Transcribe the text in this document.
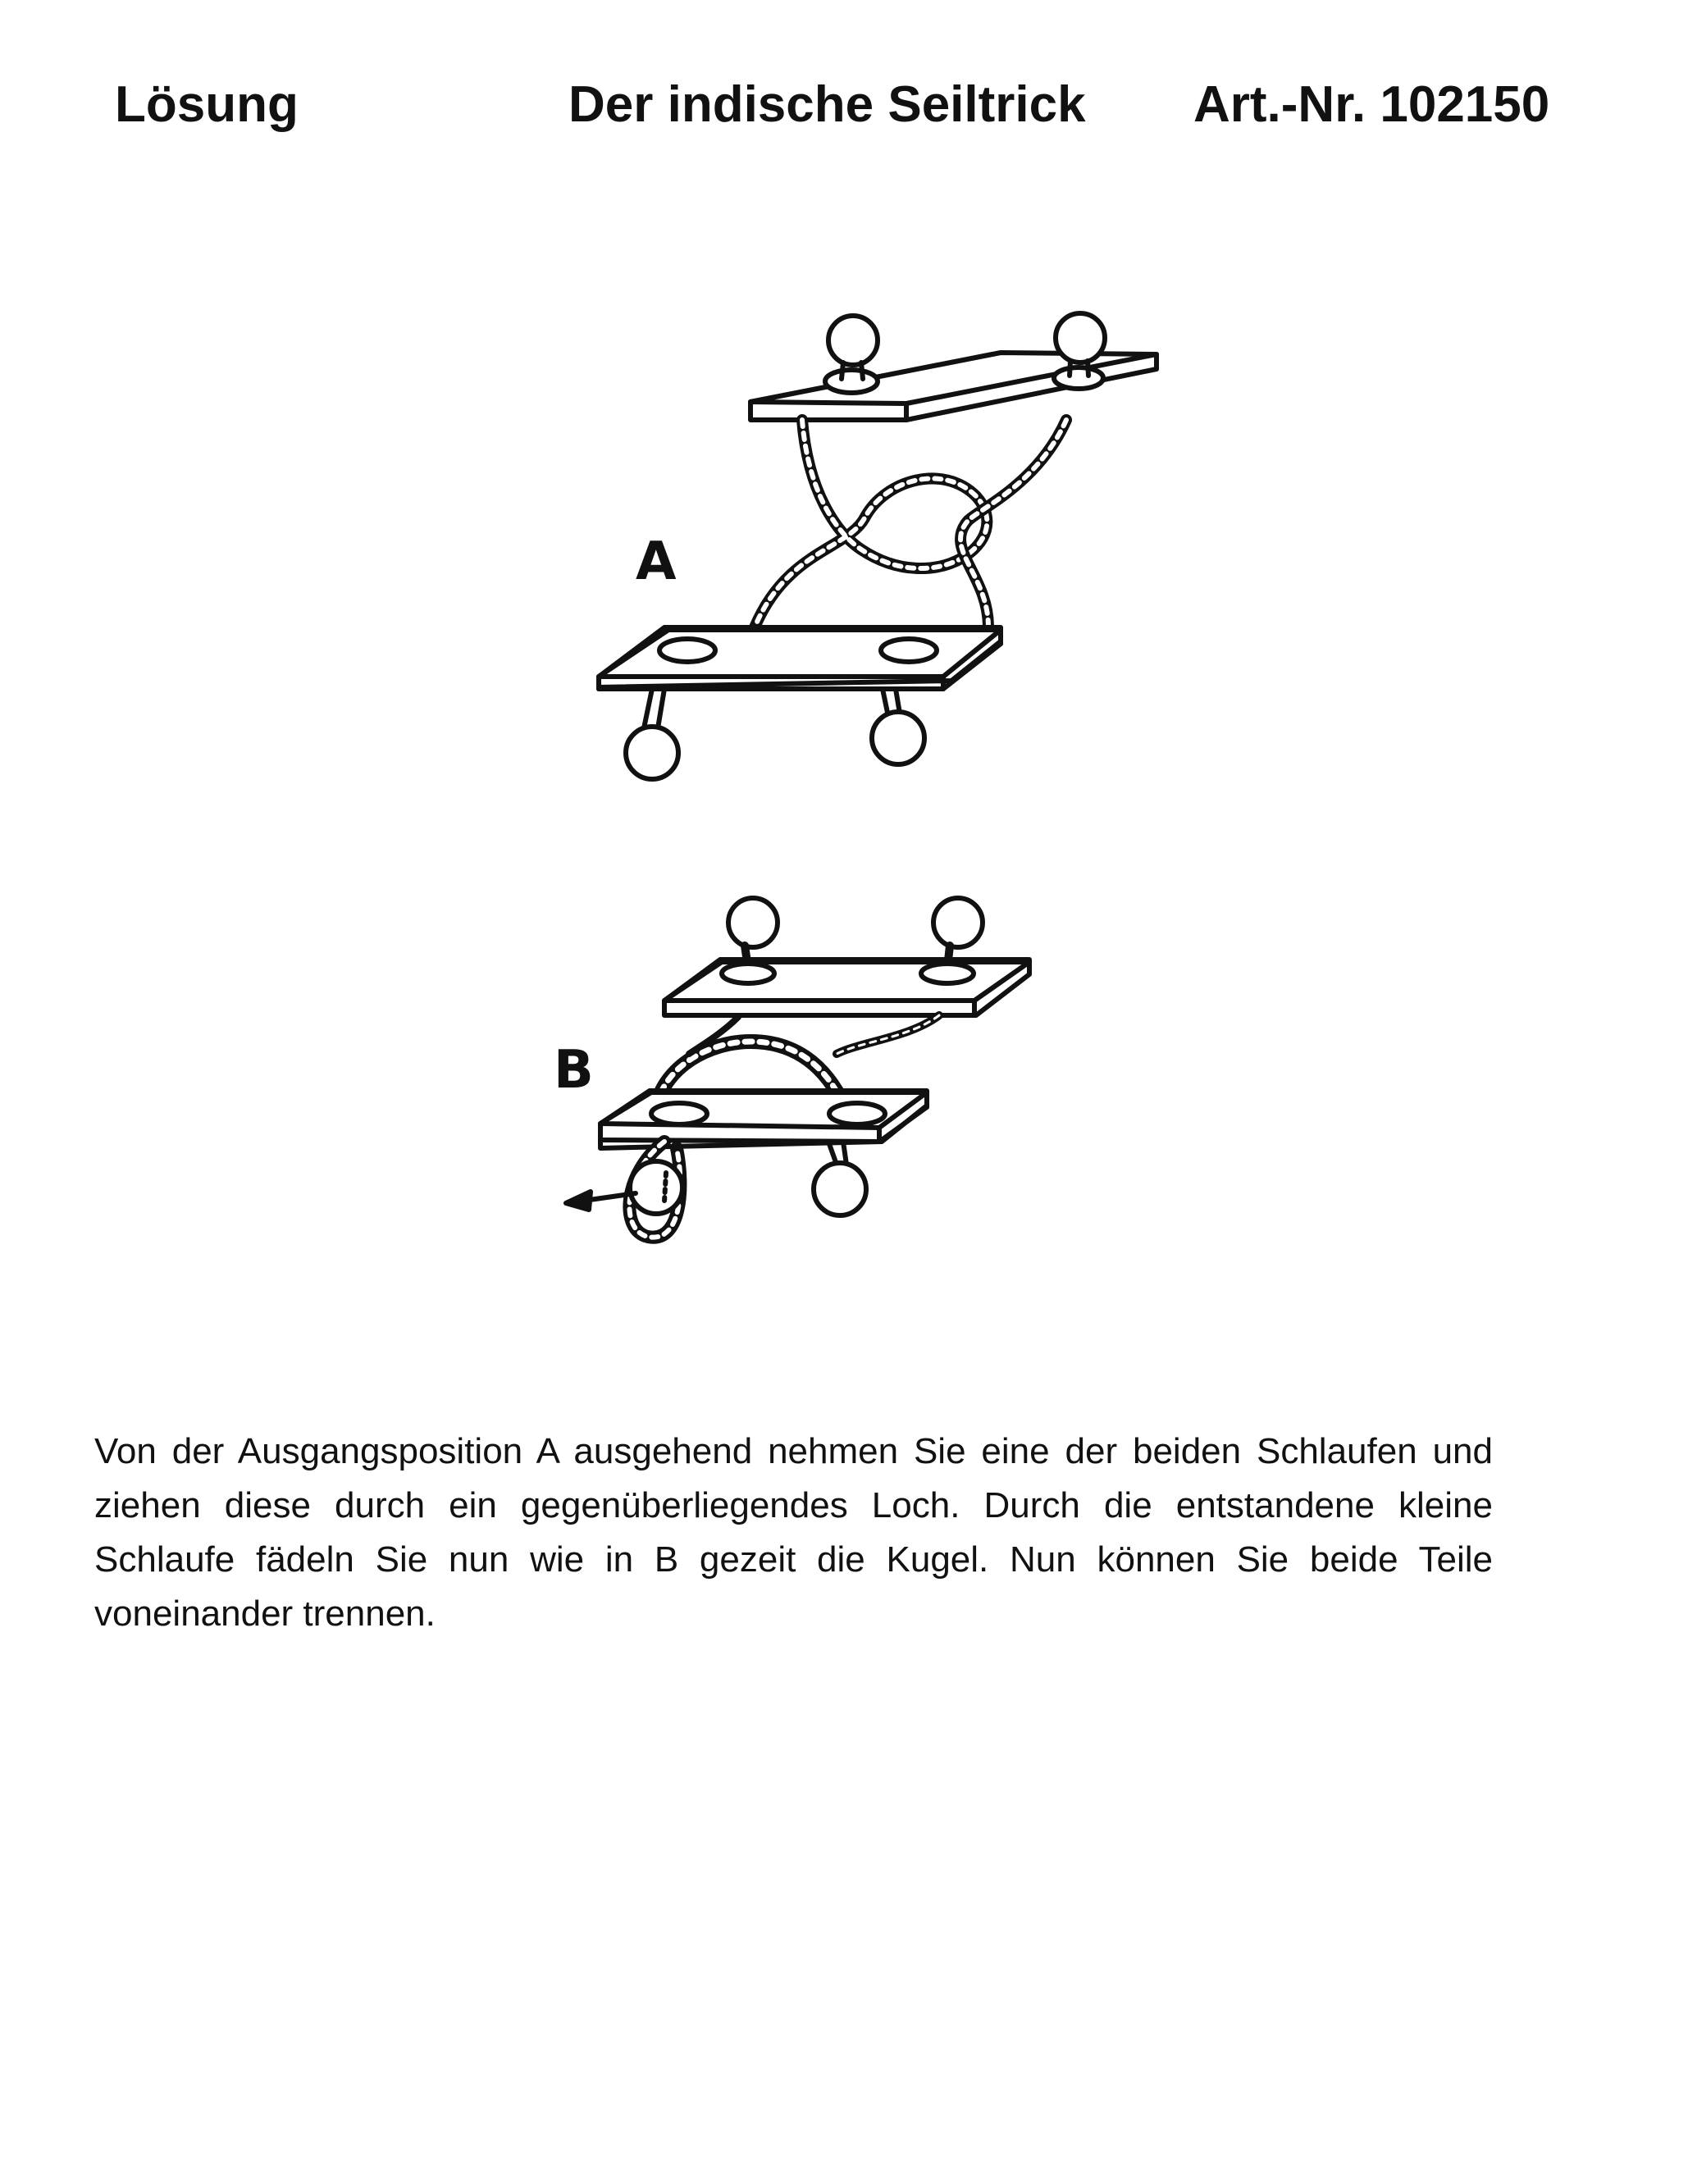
Lösung	Der indische Seiltrick Art.-Nr. 102150
A
B

Von der Ausgangsposition A ausgehend nehmen Sie eine der beiden Schlaufen und ziehen diese durch ein gegenüberliegendes Loch. Durch die entstandene kleine Schlaufe fädeln Sie nun wie in B gezeit die Kugel. Nun können Sie beide Teile voneinander trennen.
